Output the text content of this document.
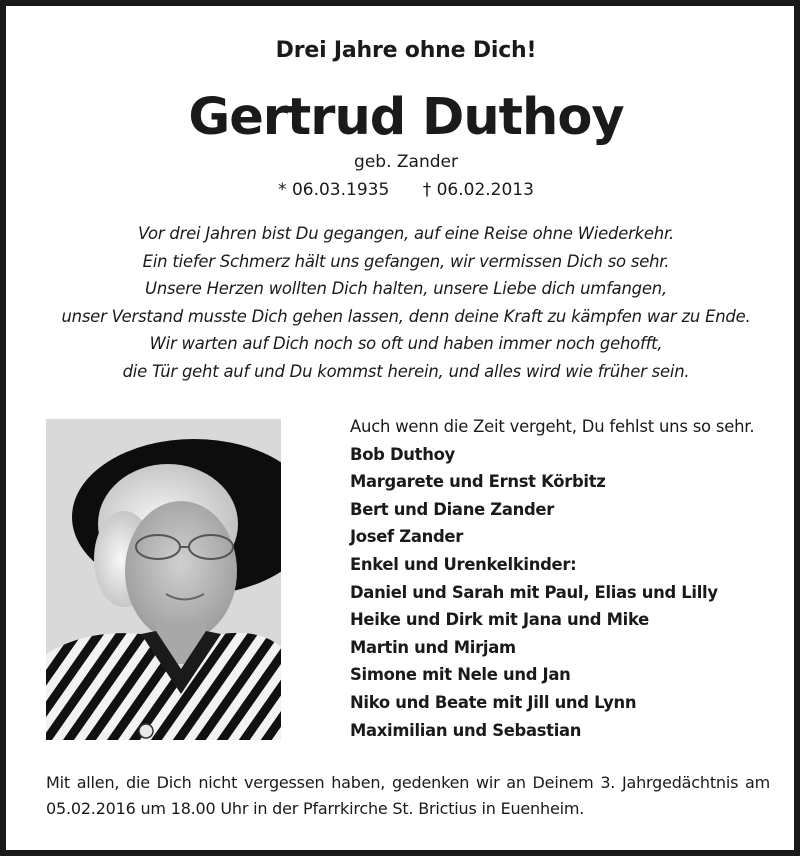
Drei Jahre ohne Dich!
Gertrud Duthoy
geb. Zander
* 06.03.1935 † 06.02.2013
Vor drei Jahren bist Du gegangen, auf eine Reise ohne Wiederkehr.
Ein tiefer Schmerz hält uns gefangen, wir vermissen Dich so sehr.
Unsere Herzen wollten Dich halten, unsere Liebe dich umfangen,
unser Verstand musste Dich gehen lassen, denn deine Kraft zu kämpfen war zu Ende.
Wir warten auf Dich noch so oft und haben immer noch gehofft,
die Tür geht auf und Du kommst herein, und alles wird wie früher sein.
Auch wenn die Zeit vergeht, Du fehlst uns so sehr.
Bob Duthoy
Margarete und Ernst Körbitz
Bert und Diane Zander
Josef Zander
Enkel und Urenkelkinder:
Daniel und Sarah mit Paul, Elias und Lilly
Heike und Dirk mit Jana und Mike
Martin und Mirjam
Simone mit Nele und Jan
Niko und Beate mit Jill und Lynn
Maximilian und Sebastian
Mit allen, die Dich nicht vergessen haben, gedenken wir an Deinem 3. Jahrgedächtnis am 05.02.2016 um 18.00 Uhr in der Pfarrkirche St. Brictius in Euenheim.
